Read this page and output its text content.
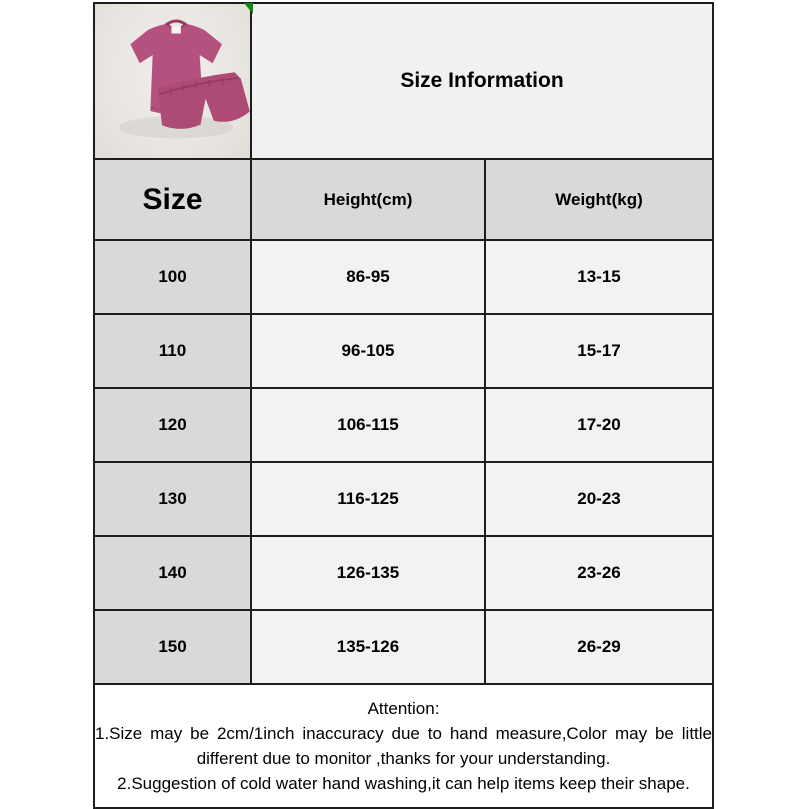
	Size Information	
Size	Height(cm)	Weight(kg)
100	86-95	13-15
110	96-105	15-17
120	106-115	17-20
130	116-125	20-23
140	126-135	23-26
150	135-126	26-29

Attention:
1.Size may be 2cm/1inch inaccuracy due to hand measure,Color may be little
different due to monitor ,thanks for your understanding.
2.Suggestion of cold water hand washing,it can help items keep their shape.		
